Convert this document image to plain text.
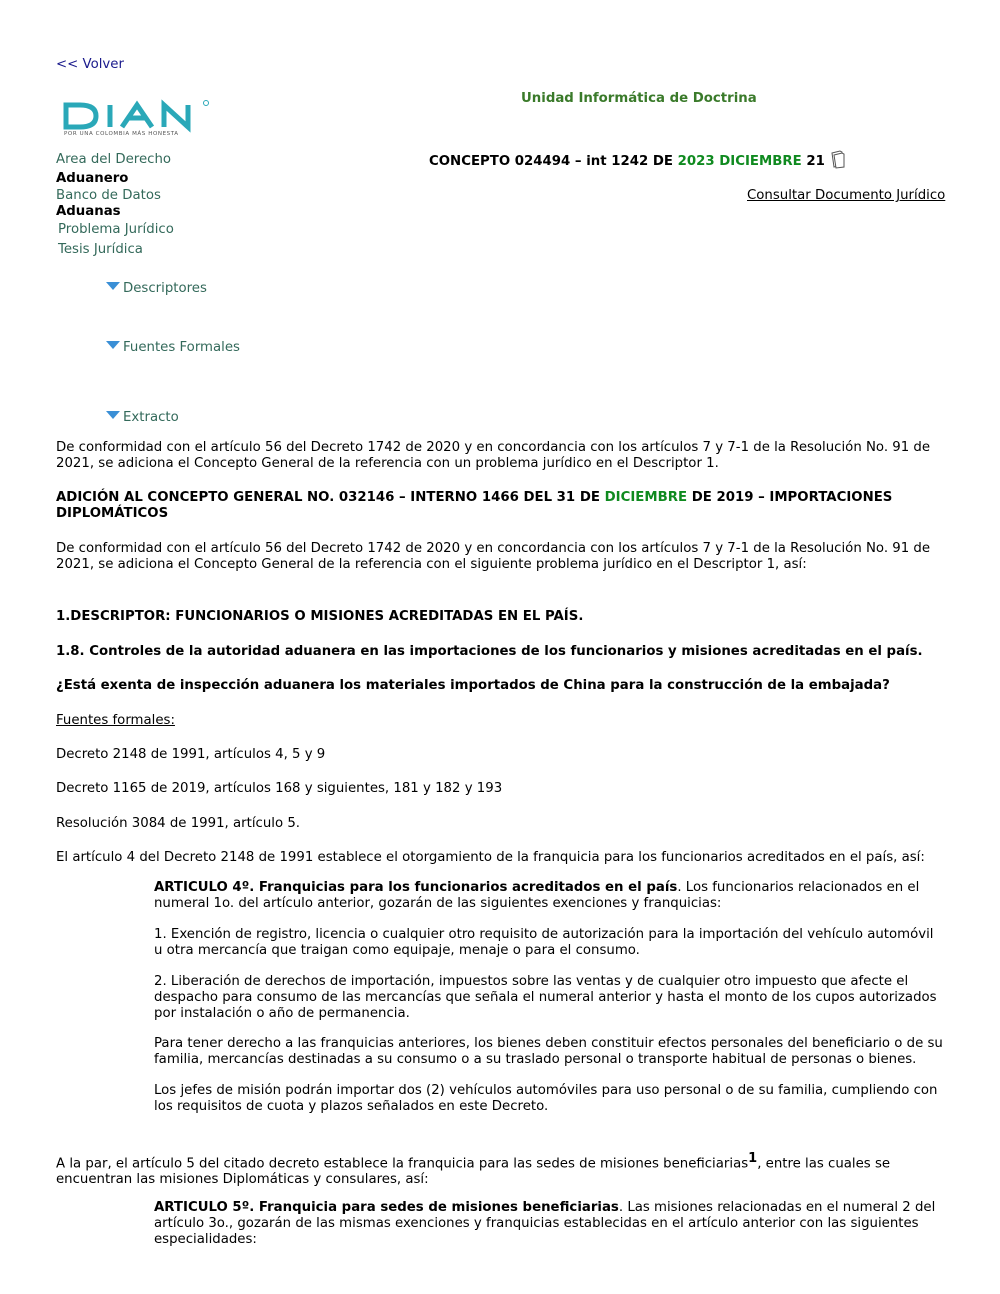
<< Volver
Unidad Informática de Doctrina
POR UNA COLOMBIA MÁS HONESTA
Area del Derecho
Aduanero
Banco de Datos
Aduanas
Problema Jurídico
Tesis Jurídica
CONCEPTO 024494 – int 1242 DE 2023 DICIEMBRE 21
Consultar Documento Jurídico
Descriptores
Fuentes Formales
Extracto
De conformidad con el artículo 56 del Decreto 1742 de 2020 y en concordancia con los artículos 7 y 7-1 de la Resolución No. 91 de 2021, se adiciona el Concepto General de la referencia con un problema jurídico en el Descriptor 1.
ADICIÓN AL CONCEPTO GENERAL NO. 032146 – INTERNO 1466 DEL 31 DE DICIEMBRE DE 2019 – IMPORTACIONES DIPLOMÁTICOS
De conformidad con el artículo 56 del Decreto 1742 de 2020 y en concordancia con los artículos 7 y 7-1 de la Resolución No. 91 de 2021, se adiciona el Concepto General de la referencia con el siguiente problema jurídico en el Descriptor 1, así:
1.DESCRIPTOR: FUNCIONARIOS O MISIONES ACREDITADAS EN EL PAÍS.
1.8. Controles de la autoridad aduanera en las importaciones de los funcionarios y misiones acreditadas en el país.
¿Está exenta de inspección aduanera los materiales importados de China para la construcción de la embajada?
Fuentes formales:
Decreto 2148 de 1991, artículos 4, 5 y 9
Decreto 1165 de 2019, artículos 168 y siguientes, 181 y 182 y 193
Resolución 3084 de 1991, artículo 5.
El artículo 4 del Decreto 2148 de 1991 establece el otorgamiento de la franquicia para los funcionarios acreditados en el país, así:
ARTICULO 4º. Franquicias para los funcionarios acreditados en el país. Los funcionarios relacionados en el numeral 1o. del artículo anterior, gozarán de las siguientes exenciones y franquicias:
1. Exención de registro, licencia o cualquier otro requisito de autorización para la importación del vehículo automóvil u otra mercancía que traigan como equipaje, menaje o para el consumo.
2. Liberación de derechos de importación, impuestos sobre las ventas y de cualquier otro impuesto que afecte el despacho para consumo de las mercancías que señala el numeral anterior y hasta el monto de los cupos autorizados por instalación o año de permanencia.
Para tener derecho a las franquicias anteriores, los bienes deben constituir efectos personales del beneficiario o de su familia, mercancías destinadas a su consumo o a su traslado personal o transporte habitual de personas o bienes.
Los jefes de misión podrán importar dos (2) vehículos automóviles para uso personal o de su familia, cumpliendo con los requisitos de cuota y plazos señalados en este Decreto.
A la par, el artículo 5 del citado decreto establece la franquicia para las sedes de misiones beneficiarias$^1$, entre las cuales se encuentran las misiones Diplomáticas y consulares, así:
ARTICULO 5º. Franquicia para sedes de misiones beneficiarias. Las misiones relacionadas en el numeral 2 del artículo 3o., gozarán de las mismas exenciones y franquicias establecidas en el artículo anterior con las siguientes especialidades:
